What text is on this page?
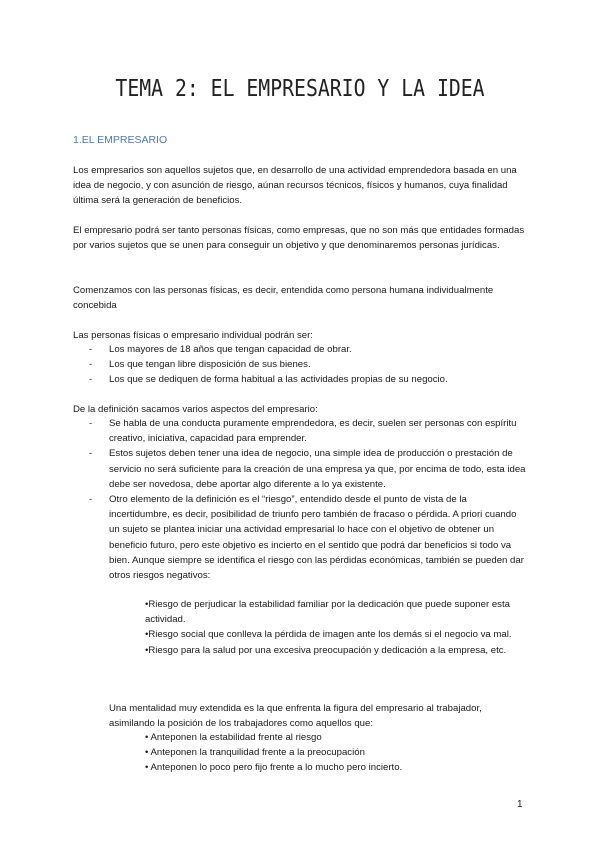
TEMA 2: EL EMPRESARIO Y LA IDEA
1.EL EMPRESARIO
Los empresarios son aquellos sujetos que, en desarrollo de una actividad emprendedora basada en una idea de negocio, y con asunción de riesgo, aúnan recursos técnicos, físicos y humanos, cuya finalidad última será la generación de beneficios.
El empresario podrá ser tanto personas físicas, como empresas, que no son más que entidades formadas por varios sujetos que se unen para conseguir un objetivo y que denominaremos personas jurídicas.
Comenzamos con las personas físicas, es decir, entendida como persona humana individualmente concebida
Las personas físicas o empresario individual podrán ser:
- Los mayores de 18 años que tengan capacidad de obrar.
- Los que tengan libre disposición de sus bienes.
- Los que se dediquen de forma habitual a las actividades propias de su negocio.
De la definición sacamos varios aspectos del empresario:
- Se habla de una conducta puramente emprendedora, es decir, suelen ser personas con espíritu creativo, iniciativa, capacidad para emprender.
- Estos sujetos deben tener una idea de negocio, una simple idea de producción o prestación de servicio no será suficiente para la creación de una empresa ya que, por encima de todo, esta idea debe ser novedosa, debe aportar algo diferente a lo ya existente.
- Otro elemento de la definición es el “riesgo”, entendido desde el punto de vista de la incertidumbre, es decir, posibilidad de triunfo pero también de fracaso o pérdida. A priori cuando un sujeto se plantea iniciar una actividad empresarial lo hace con el objetivo de obtener un beneficio futuro, pero este objetivo es incierto en el sentido que podrá dar beneficios si todo va bien. Aunque siempre se identifica el riesgo con las pérdidas económicas, también se pueden dar otros riesgos negativos:
•Riesgo de perjudicar la estabilidad familiar por la dedicación que puede suponer esta actividad.
•Riesgo social que conlleva la pérdida de imagen ante los demás si el negocio va mal.
•Riesgo para la salud por una excesiva preocupación y dedicación a la empresa, etc.
Una mentalidad muy extendida es la que enfrenta la figura del empresario al trabajador, asimilando la posición de los trabajadores como aquellos que:
• Anteponen la estabilidad frente al riesgo
• Anteponen la tranquilidad frente a la preocupación
• Anteponen lo poco pero fijo frente a lo mucho pero incierto.
1
